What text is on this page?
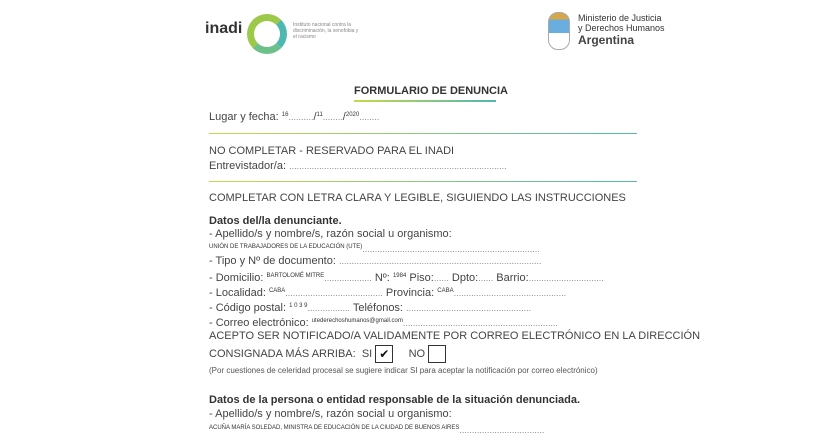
inadi	Instituto nacional contra la discriminación, la xenofobia y el racismo
Ministerio de Justicia
y Derechos Humanos
Argentina
FORMULARIO DE DENUNCIA
Lugar y fecha: $^{16}$........../$^{11}$......../$^{2020}$........
NO COMPLETAR - RESERVADO PARA EL INADI
Entrevistador/a: .......................................................................................
COMPLETAR CON LETRA CLARA Y LEGIBLE, SIGUIENDO LAS INSTRUCCIONES
Datos del/la denunciante.
- Apellido/s y nombre/s, razón social u organismo:
$^{UNIÓN DE TRABAJADORES DE LA EDUCACIÓN (UTE)}$.......................................................................
- Tipo y Nº de documento: .................................................................................
- Domicilio: $^{BARTOLOMÉ MITRE}$................... Nº: $^{1984}$ Piso:...... Dpto:...... Barrio:..............................
- Localidad: $^{CABA}$....................................... Provincia: $^{CABA}$.............................................
- Código postal: $^{1 0 3 9}$................. Teléfonos: ..................................................
- Correo electrónico: $^{utederechoshumanos@gmail.com}$..............................................................
ACEPTO SER NOTIFICADO/A VALIDAMENTE POR CORREO ELECTRÓNICO EN LA DIRECCIÓN
CONSIGNADA MÁS ARRIBA: SI ✔ NO
(Por cuestiones de celeridad procesal se sugiere indicar SI para aceptar la notificación por correo electrónico)
Datos de la persona o entidad responsable de la situación denunciada.
- Apellido/s y nombre/s, razón social u organismo:
$^{ACUÑA MARÍA SOLEDAD, MINISTRA DE EDUCACIÓN DE LA CIUDAD DE BUENOS AIRES}$..................................
